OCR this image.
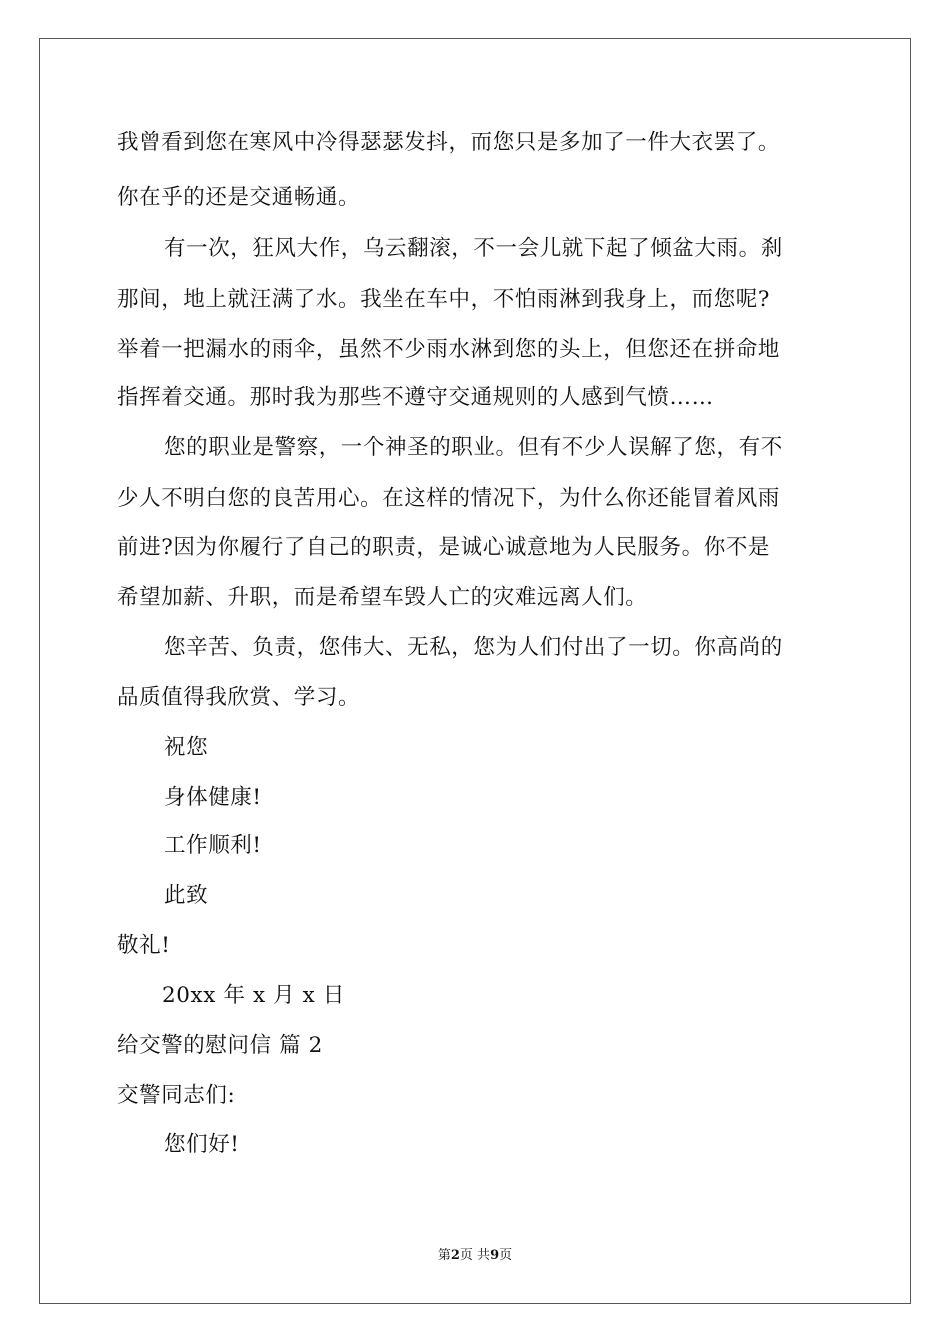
我曾看到您在寒风中冷得瑟瑟发抖，而您只是多加了一件大衣罢了。
你在乎的还是交通畅通。
有一次，狂风大作，乌云翻滚，不一会儿就下起了倾盆大雨。刹
那间，地上就汪满了水。我坐在车中，不怕雨淋到我身上，而您呢?
举着一把漏水的雨伞，虽然不少雨水淋到您的头上，但您还在拼命地
指挥着交通。那时我为那些不遵守交通规则的人感到气愤……
您的职业是警察，一个神圣的职业。但有不少人误解了您，有不
少人不明白您的良苦用心。在这样的情况下，为什么你还能冒着风雨
前进?因为你履行了自己的职责，是诚心诚意地为人民服务。你不是
希望加薪、升职，而是希望车毁人亡的灾难远离人们。
您辛苦、负责，您伟大、无私，您为人们付出了一切。你高尚的
品质值得我欣赏、学习。
祝您
身体健康!
工作顺利!
此致
敬礼!
20xx 年 x 月 x 日
给交警的慰问信 篇 2
交警同志们:
您们好!
第2页 共9页
